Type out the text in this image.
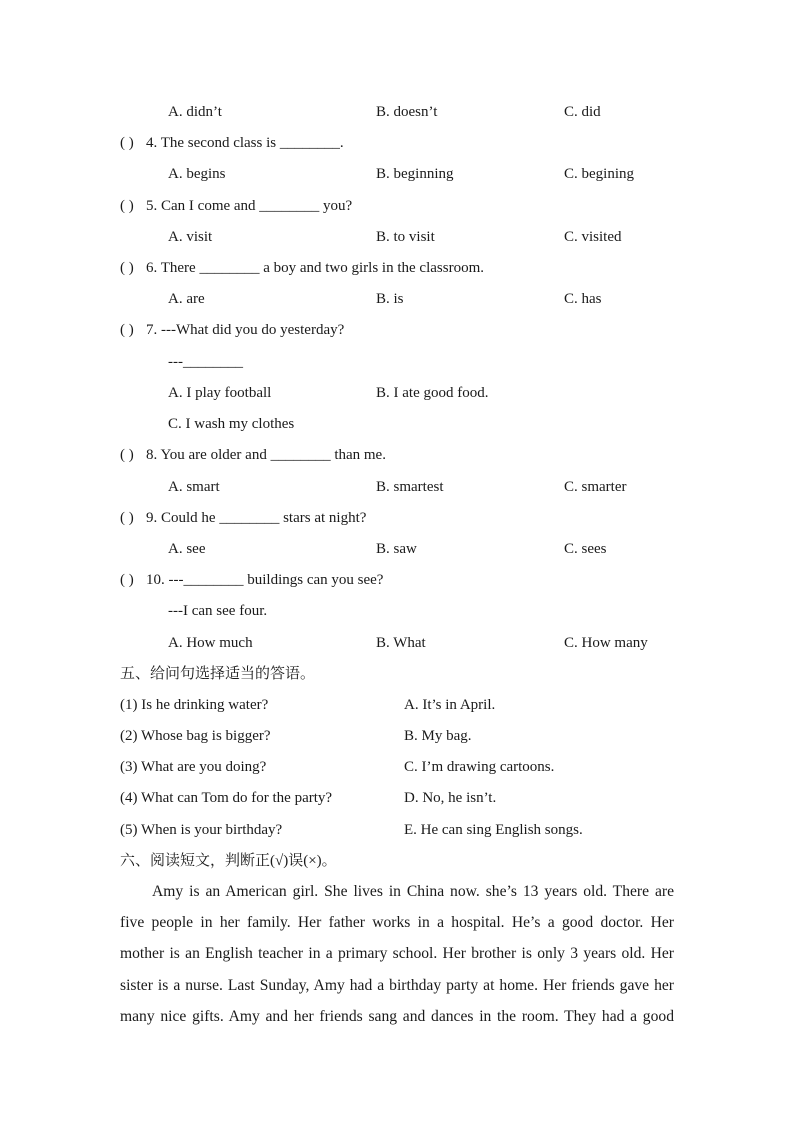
A. didn’t	B. doesn’t	C. did
( ) 4. The second class is ________.
A. begins	B. beginning	C. begining
( ) 5. Can I come and ________ you?
A. visit	B. to visit	C. visited
( ) 6. There ________ a boy and two girls in the classroom.
A. are	B. is	C. has
( ) 7. ---What did you do yesterday?
---________
A. I play football	B. I ate good food.
C. I wash my clothes
( ) 8. You are older and ________ than me.
A. smart	B. smartest	C. smarter
( ) 9. Could he ________ stars at night?
A. see	B. saw	C. sees
( ) 10. ---________ buildings can you see?
---I can see four.
A. How much	B. What	C. How many
五、给问句选择适当的答语。
(1) Is he drinking water?	A. It’s in April.
(2) Whose bag is bigger?	B. My bag.
(3) What are you doing?	C. I’m drawing cartoons.
(4) What can Tom do for the party?	D. No, he isn’t.
(5) When is your birthday?	E. He can sing English songs.
六、阅读短文，判断正(√)误(×)。
Amy is an American girl. She lives in China now. she’s 13 years old. There are
five people in her family. Her father works in a hospital. He’s a good doctor. Her
mother is an English teacher in a primary school. Her brother is only 3 years old. Her
sister is a nurse. Last Sunday, Amy had a birthday party at home. Her friends gave her
many nice gifts. Amy and her friends sang and dances in the room. They had a good
